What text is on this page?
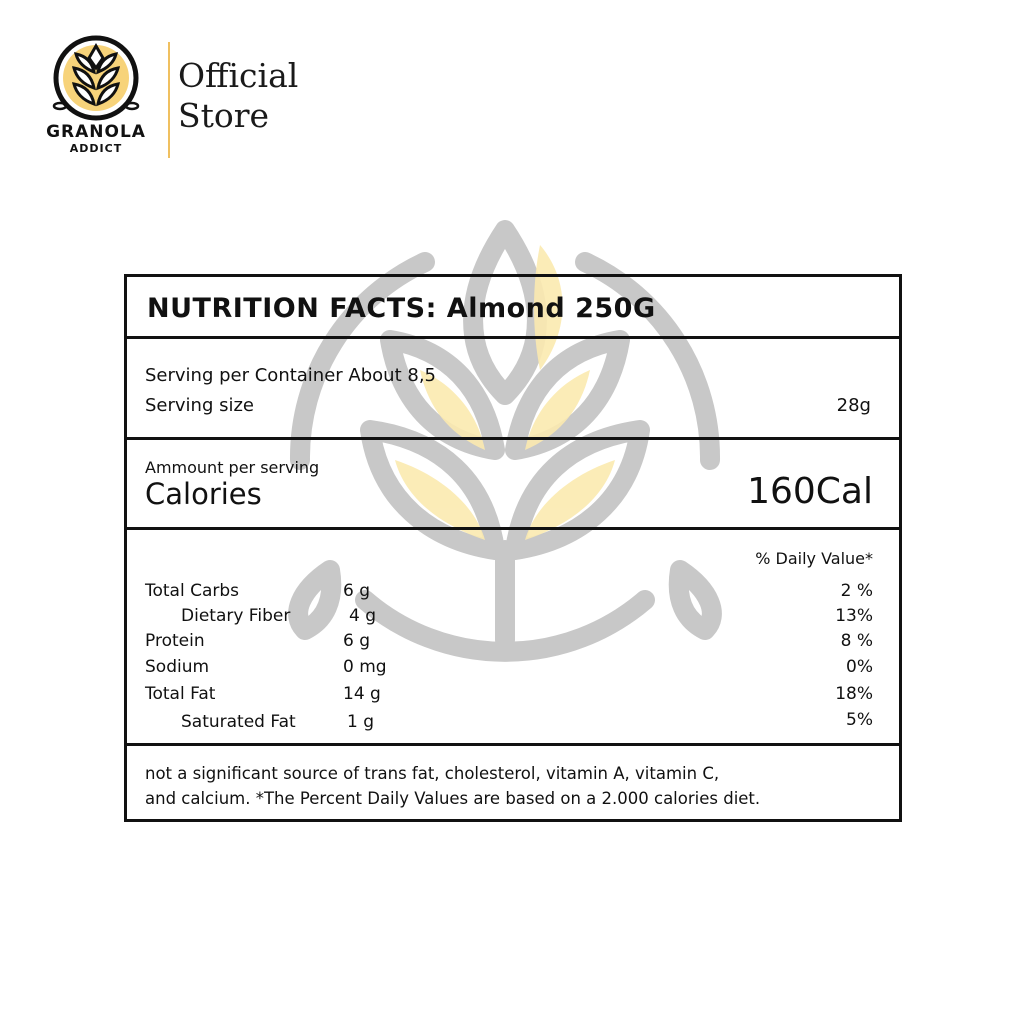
GRANOLA
ADDICT
Official
Store
NUTRITION FACTS: Almond 250G
Serving per Container About 8,5
Serving size	28g
Ammount per serving
Calories	160Cal
% Daily Value*
Total Carbs	6 g	2 %
Dietary Fiber	4 g	13%
Protein	6 g	8 %
Sodium	0 mg	0%
Total Fat	14 g	18%
Saturated Fat	1 g	5%
not a significant source of trans fat, cholesterol, vitamin A, vitamin C,
and calcium. *The Percent Daily Values are based on a 2.000 calories diet.
